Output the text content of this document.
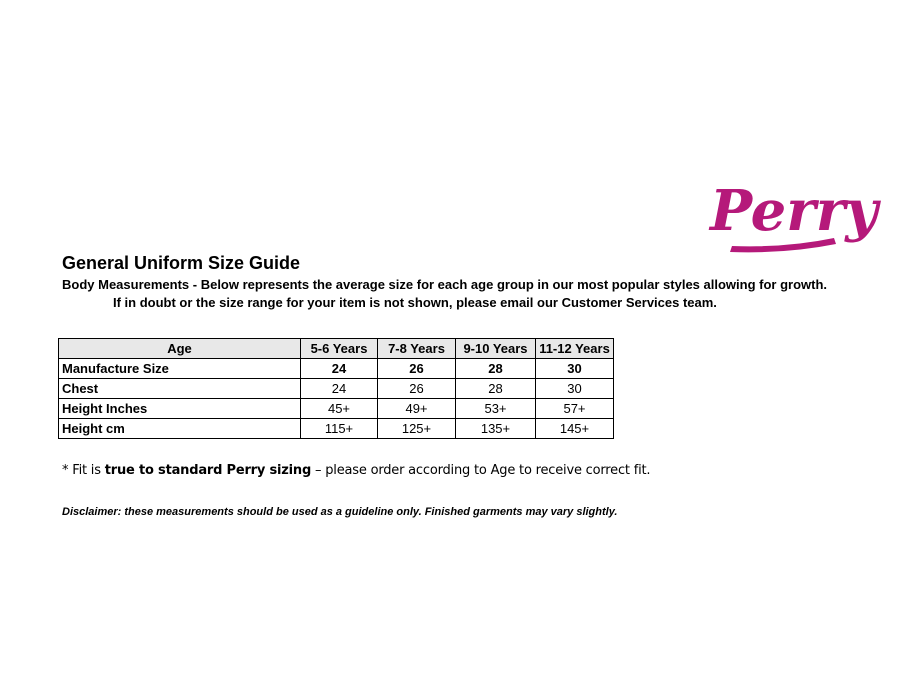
Perry
General Uniform Size Guide
Body Measurements - Below represents the average size for each age group in our most popular styles allowing for growth.
If in doubt or the size range for your item is not shown, please email our Customer Services team.
Age	5-6 Years	7-8 Years	9-10 Years	11-12 Years
Manufacture Size	24	26	28	30
Chest	24	26	28	30
Height Inches	45+	49+	53+	57+
Height cm	115+	125+	135+	145+
* Fit is true to standard Perry sizing – please order according to Age to receive correct fit.
Disclaimer: these measurements should be used as a guideline only. Finished garments may vary slightly.
